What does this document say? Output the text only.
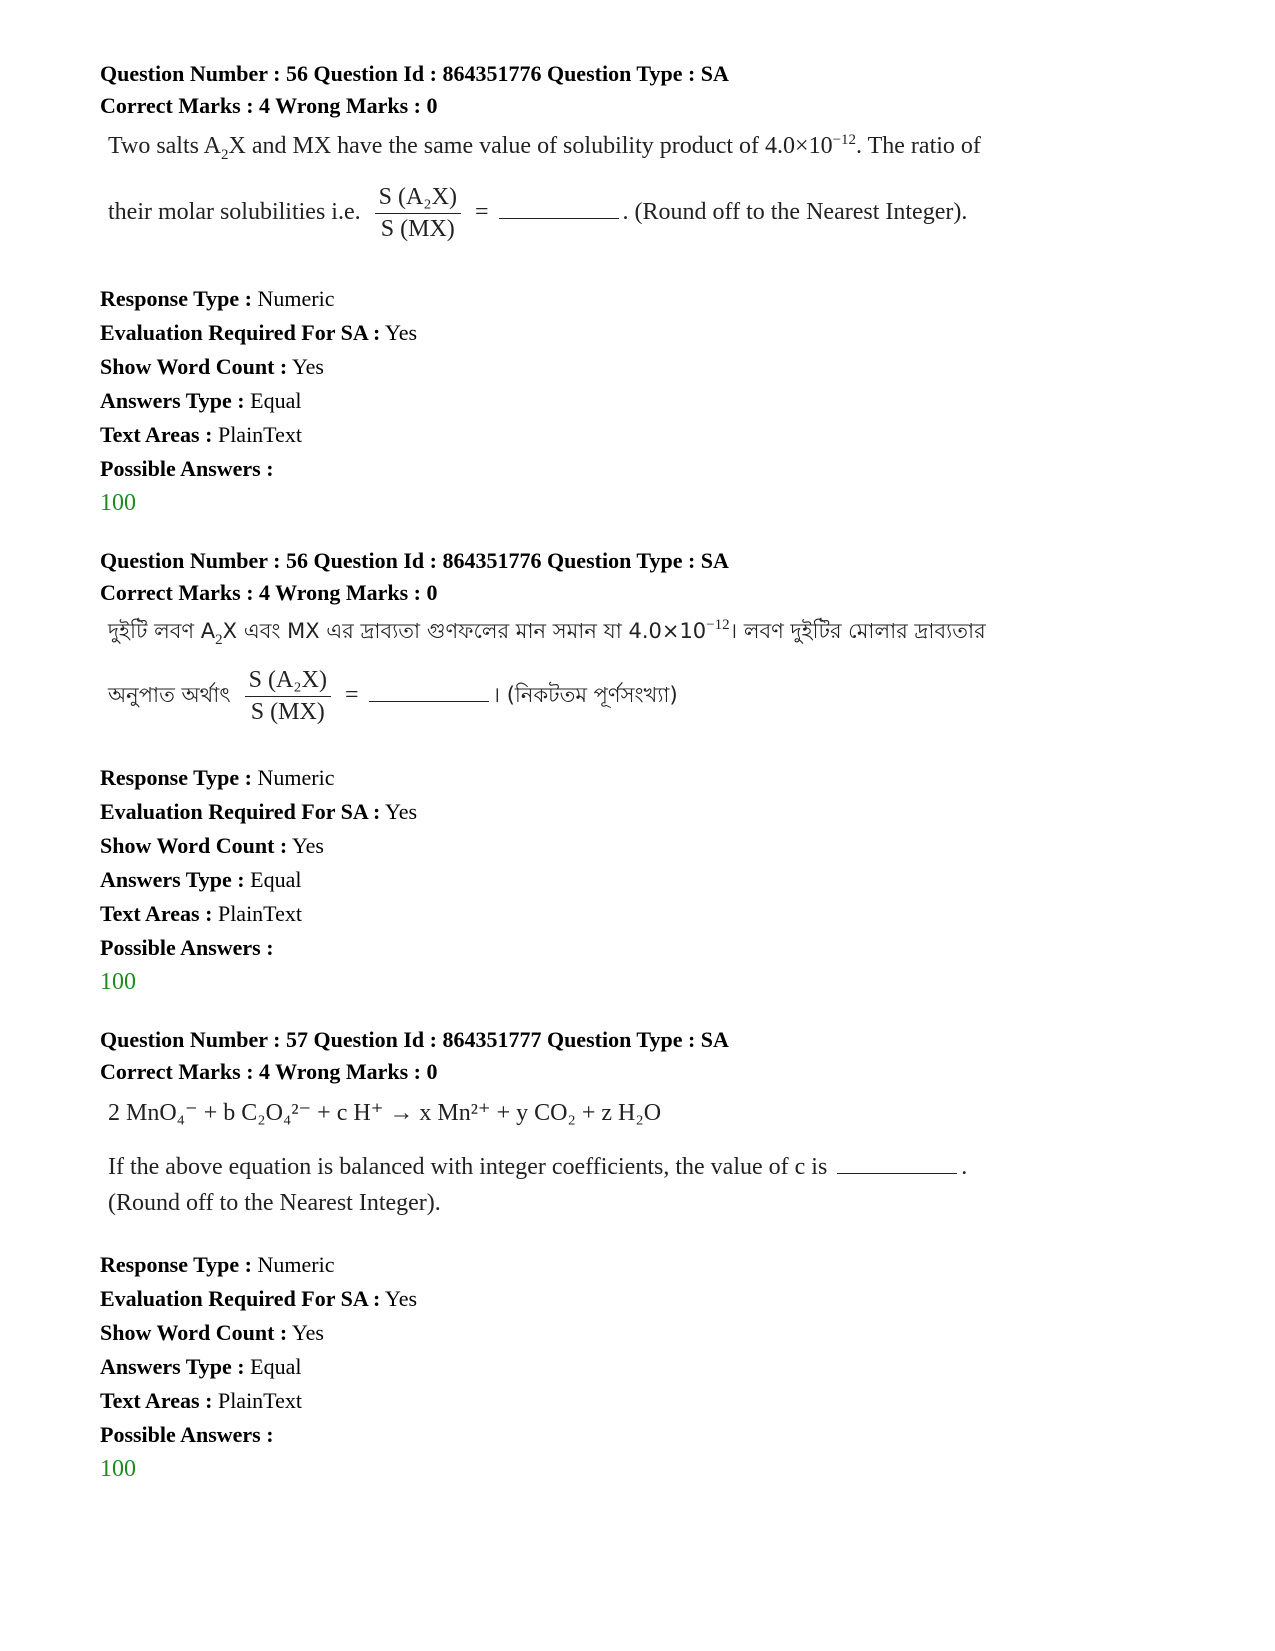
Question Number : 56 Question Id : 864351776 Question Type : SA
Correct Marks : 4 Wrong Marks : 0
Two salts $A_2X$ and MX have the same value of solubility product of $4.0\times 10^{-12}$. The ratio of
their molar solubilities i.e. $\frac{\text{S (A₂X)}}{S (MX)}$ =	. (Round off to the Nearest Integer).
Response Type : Numeric
Evaluation Required For SA : Yes
Show Word Count : Yes
Answers Type : Equal
Text Areas : PlainText
Possible Answers :
100
Question Number : 56 Question Id : 864351776 Question Type : SA
Correct Marks : 4 Wrong Marks : 0
দুইটি লবণ $A_2X$ এবং MX এর দ্রাব্যতা গুণফলের মান সমান যা $4.0\times 10^{-12}।$ লবণ দুইটির মোলার দ্রাব্যতার
অনুপাত অর্থাৎ $\frac{\text{S (A₂X)}}{S (MX)}$ =	। (নিকটতম পূর্ণসংখ্যা)
Response Type : Numeric
Evaluation Required For SA : Yes
Show Word Count : Yes
Answers Type : Equal
Text Areas : PlainText
Possible Answers :
100
Question Number : 57 Question Id : 864351777 Question Type : SA
Correct Marks : 4 Wrong Marks : 0
2 MnO₄⁻ + b C₂O₄²⁻ + c H⁺ → x Mn²⁺ + y CO₂ + z H₂O
If the above equation is balanced with integer coefficients, the value of c is	.
(Round off to the Nearest Integer).
Response Type : Numeric
Evaluation Required For SA : Yes
Show Word Count : Yes
Answers Type : Equal
Text Areas : PlainText
Possible Answers :
100
